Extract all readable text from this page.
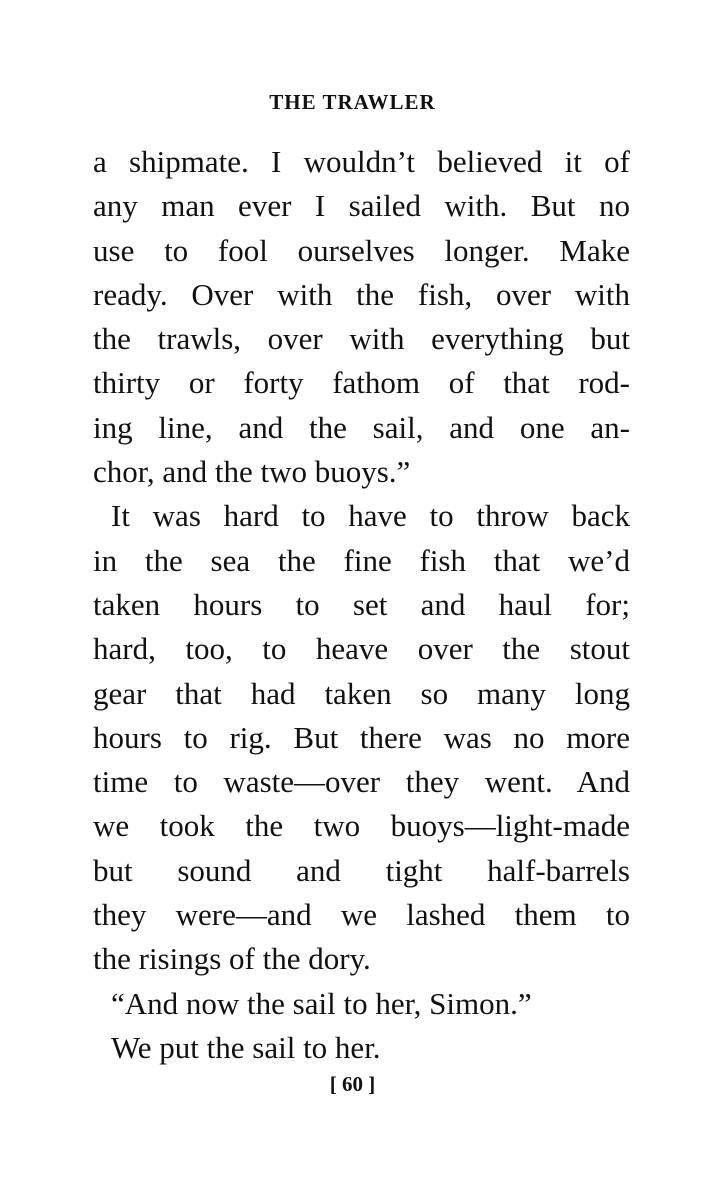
THE TRAWLER
a shipmate. I wouldn’t believed it of
any man ever I sailed with. But no
use to fool ourselves longer. Make
ready. Over with the fish, over with
the trawls, over with everything but
thirty or forty fathom of that rod-
ing line, and the sail, and one an-
chor, and the two buoys.”
It was hard to have to throw back
in the sea the fine fish that we’d
taken hours to set and haul for;
hard, too, to heave over the stout
gear that had taken so many long
hours to rig. But there was no more
time to waste—over they went. And
we took the two buoys—light-made
but sound and tight half-barrels
they were—and we lashed them to
the risings of the dory.
“And now the sail to her, Simon.”
We put the sail to her.
[ 60 ]
